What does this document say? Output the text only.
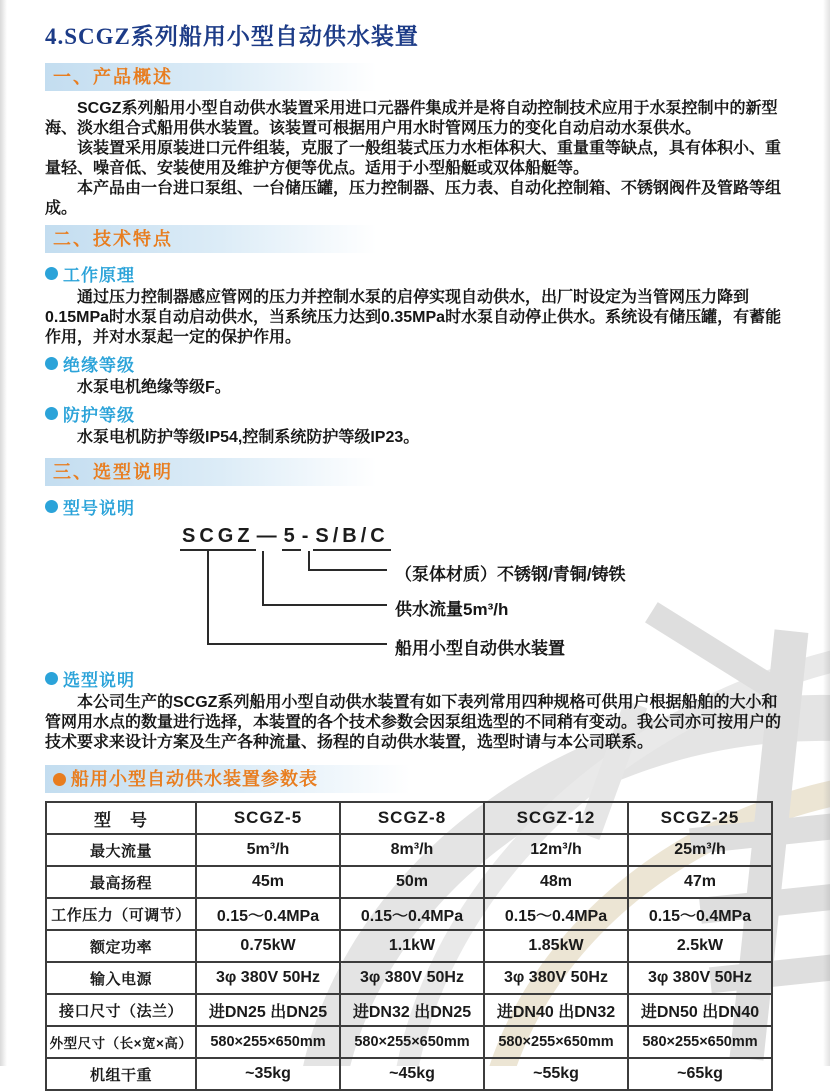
4.SCGZ系列船用小型自动供水装置
一、产品概述

SCGZ系列船用小型自动供水装置采用进口元器件集成并是将自动控制技术应用于水泵控制中的新型海、淡水组合式船用供水装置。该装置可根据用户用水时管网压力的变化自动启动水泵供水。

该装置采用原装进口元件组装，克服了一般组装式压力水柜体积大、重量重等缺点，具有体积小、重量轻、噪音低、安装使用及维护方便等优点。适用于小型船艇或双体船艇等。

本产品由一台进口泵组、一台储压罐，压力控制器、压力表、自动化控制箱、不锈钢阀件及管路等组成。

二、技术特点
工作原理

通过压力控制器感应管网的压力并控制水泵的启停实现自动供水，出厂时设定为当管网压力降到0.15MPa时水泵自动启动供水，当系统压力达到0.35MPa时水泵自动停止供水。系统设有储压罐，有蓄能作用，并对水泵起一定的保护作用。

绝缘等级

水泵电机绝缘等级F。

防护等级

水泵电机防护等级IP54,控制系统防护等级IP23。

三、选型说明
型号说明
SCGZ — 5 - S/B/C
（泵体材质）不锈钢/青铜/铸铁
供水流量5m³/h
船用小型自动供水装置
选型说明

本公司生产的SCGZ系列船用小型自动供水装置有如下表列常用四种规格可供用户根据船舶的大小和管网用水点的数量进行选择，本装置的各个技术参数会因泵组选型的不同稍有变动。我公司亦可按用户的技术要求来设计方案及生产各种流量、扬程的自动供水装置，选型时请与本公司联系。

船用小型自动供水装置参数表
型　号	SCGZ-5	SCGZ-8	SCGZ-12	SCGZ-25
最大流量	5m³/h	8m³/h	12m³/h	25m³/h
最高扬程	45m	50m	48m	47m
工作压力（可调节）	0.15～0.4MPa	0.15～0.4MPa	0.15～0.4MPa	0.15～0.4MPa
额定功率	0.75kW	1.1kW	1.85kW	2.5kW
输入电源	3φ 380V 50Hz	3φ 380V 50Hz	3φ 380V 50Hz	3φ 380V 50Hz
接口尺寸（法兰）	进DN25 出DN25	进DN32 出DN25	进DN40 出DN32	进DN50 出DN40
外型尺寸（长×宽×高）	580×255×650mm	580×255×650mm	580×255×650mm	580×255×650mm
机组干重	~35kg	~45kg	~55kg	~65kg
